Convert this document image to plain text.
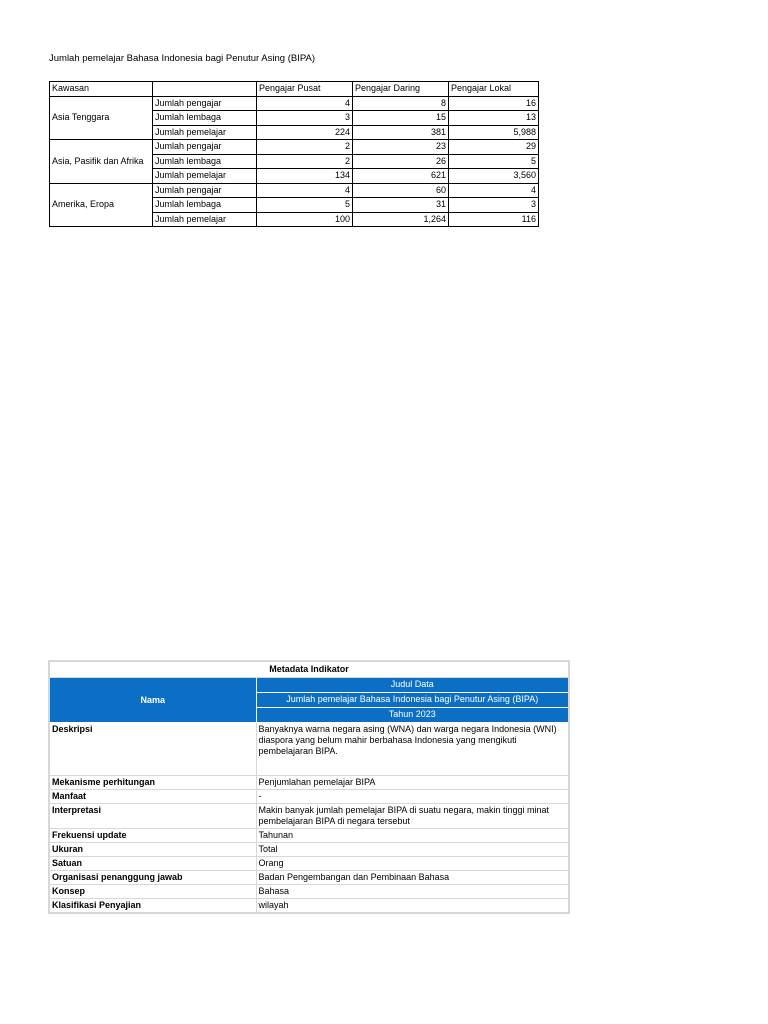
Jumlah pemelajar Bahasa Indonesia bagi Penutur Asing (BIPA)
Kawasan		Pengajar Pusat	Pengajar Daring	Pengajar Lokal
Asia Tenggara	Jumlah pengajar	4	8	16
	Jumlah lembaga	3	15	13
	Jumlah pemelajar	224	381	5,988
Asia, Pasifik dan Afrika	Jumlah pengajar	2	23	29
	Jumlah lembaga	2	26	5
	Jumlah pemelajar	134	621	3,560
Amerika, Eropa	Jumlah pengajar	4	60	4
	Jumlah lembaga	5	31	3
	Jumlah pemelajar	100	1,264	116
Metadata Indikator	
Nama	Judul Data
	Jumlah pemelajar Bahasa Indonesia bagi Penutur Asing (BIPA)
	Tahun 2023
Deskripsi	Banyaknya warna negara asing (WNA) dan warga negara Indonesia (WNI) diaspora yang belum mahir berbahasa Indonesia yang mengikuti pembelajaran BIPA.
Mekanisme perhitungan	Penjumlahan pemelajar BIPA
Manfaat	-
Interpretasi	Makin banyak jumlah pemelajar BIPA di suatu negara, makin tinggi minat pembelajaran BIPA di negara tersebut
Frekuensi update	Tahunan
Ukuran	Total
Satuan	Orang
Organisasi penanggung jawab	Badan Pengembangan dan Pembinaan Bahasa
Konsep	Bahasa
Klasifikasi Penyajian	wilayah
